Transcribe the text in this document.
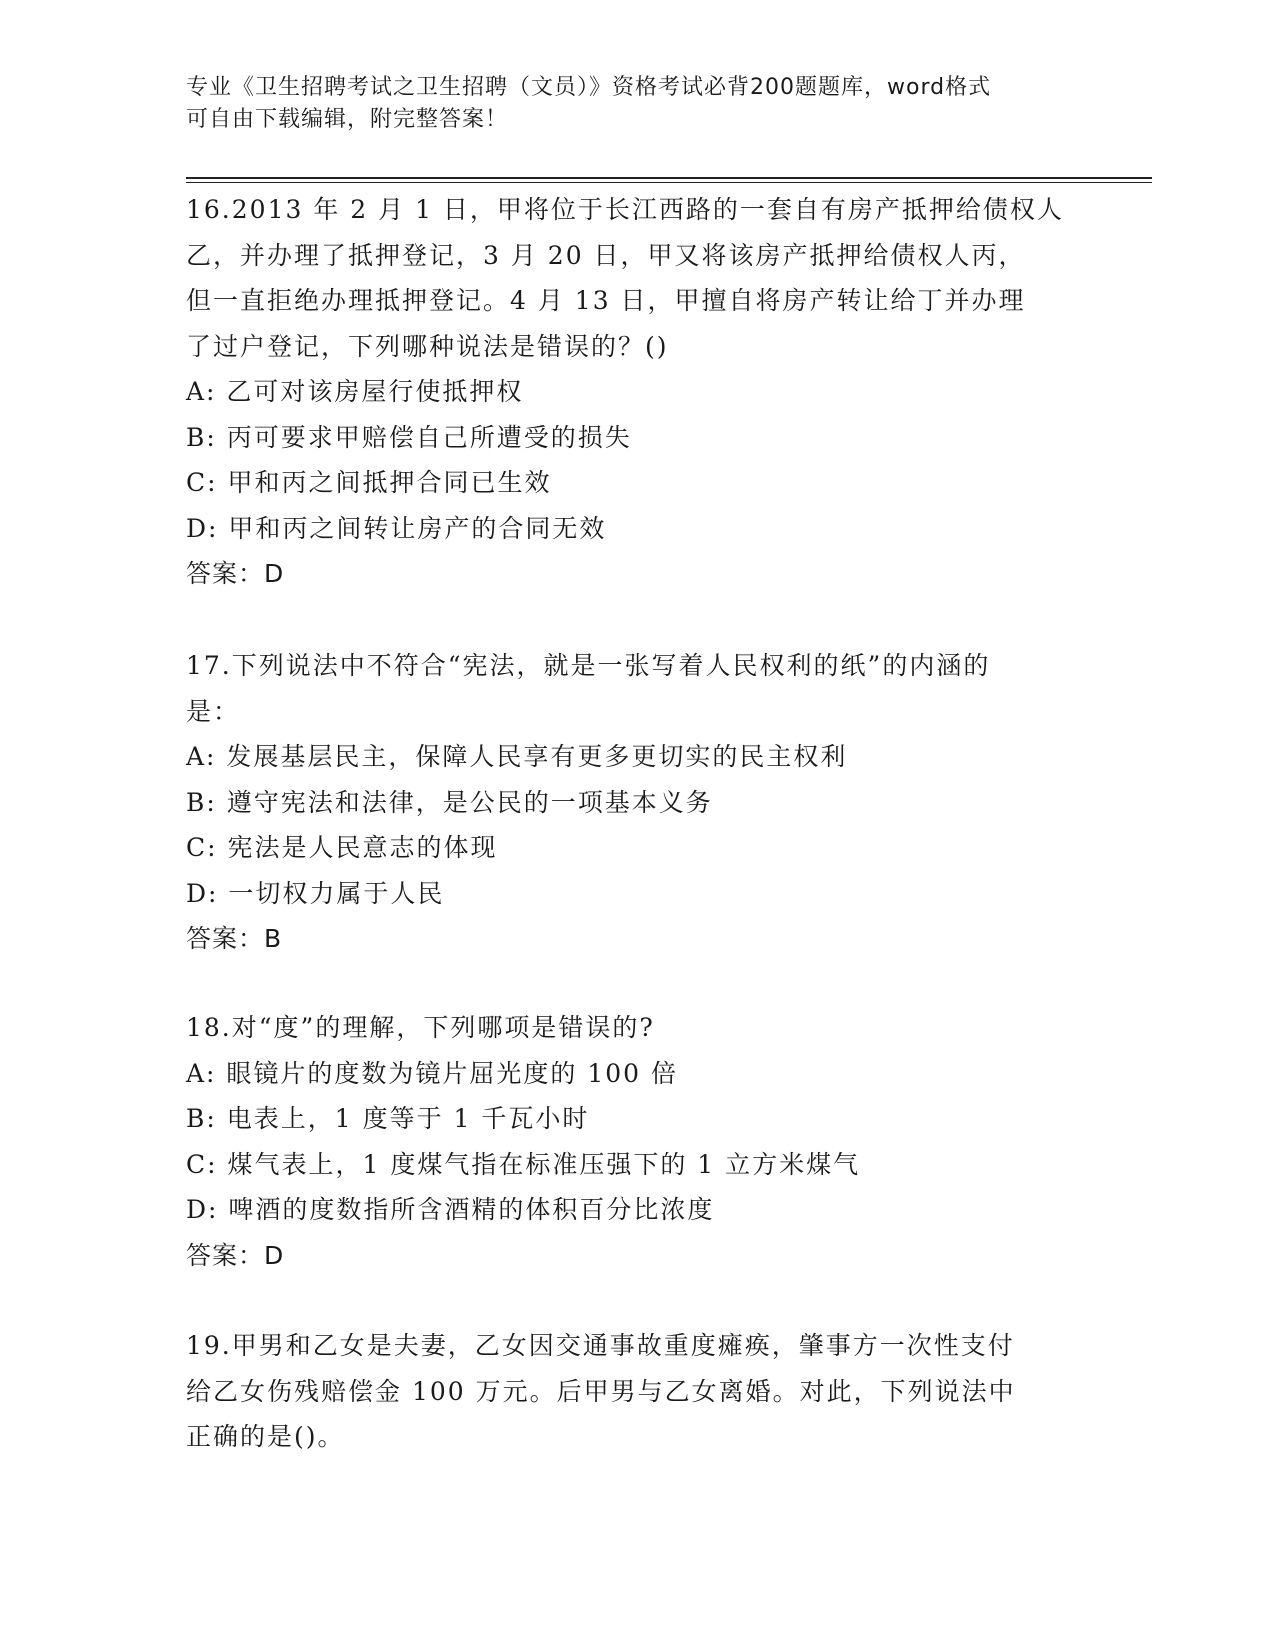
专业《卫生招聘考试之卫生招聘（文员）》资格考试必背200题题库，word格式
可自由下载编辑，附完整答案！
16.2013 年 2 月 1 日，甲将位于长江西路的一套自有房产抵押给债权人
乙，并办理了抵押登记，3 月 20 日，甲又将该房产抵押给债权人丙，
但一直拒绝办理抵押登记。4 月 13 日，甲擅自将房产转让给丁并办理
了过户登记，下列哪种说法是错误的？()
A: 乙可对该房屋行使抵押权
B: 丙可要求甲赔偿自己所遭受的损失
C: 甲和丙之间抵押合同已生效
D: 甲和丙之间转让房产的合同无效
答案：D
17.下列说法中不符合“宪法，就是一张写着人民权利的纸”的内涵的
是：
A: 发展基层民主，保障人民享有更多更切实的民主权利
B: 遵守宪法和法律，是公民的一项基本义务
C: 宪法是人民意志的体现
D: 一切权力属于人民
答案：B
18.对“度”的理解，下列哪项是错误的?
A: 眼镜片的度数为镜片屈光度的 100 倍
B: 电表上，1 度等于 1 千瓦小时
C: 煤气表上，1 度煤气指在标准压强下的 1 立方米煤气
D: 啤酒的度数指所含酒精的体积百分比浓度
答案：D
19.甲男和乙女是夫妻，乙女因交通事故重度瘫痪，肇事方一次性支付
给乙女伤残赔偿金 100 万元。后甲男与乙女离婚。对此，下列说法中
正确的是()。
